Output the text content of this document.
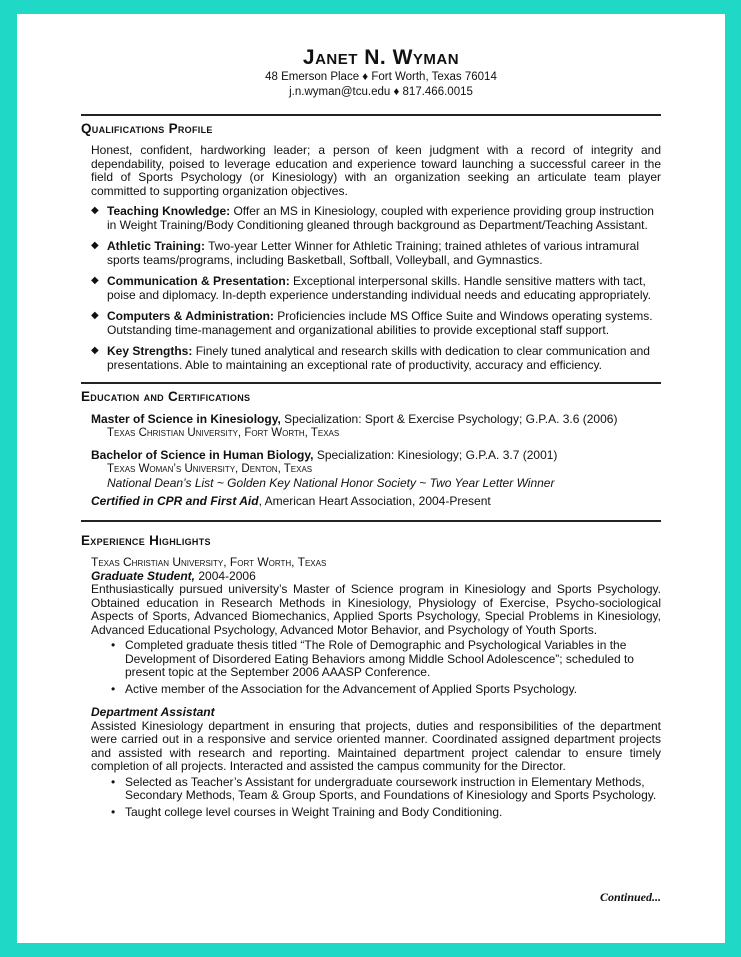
Janet N. Wyman
48 Emerson Place ♦ Fort Worth, Texas 76014
j.n.wyman@tcu.edu ♦ 817.466.0015
Qualifications Profile

Honest, confident, hardworking leader; a person of keen judgment with a record of integrity and dependability, poised to leverage education and experience toward launching a successful career in the field of Sports Psychology (or Kinesiology) with an organization seeking an articulate team player committed to supporting organization objectives.

◆ Teaching Knowledge: Offer an MS in Kinesiology, coupled with experience providing group instruction in Weight Training/Body Conditioning gleaned through background as Department/Teaching Assistant.
◆ Athletic Training: Two-year Letter Winner for Athletic Training; trained athletes of various intramural sports teams/programs, including Basketball, Softball, Volleyball, and Gymnastics.
◆ Communication & Presentation: Exceptional interpersonal skills. Handle sensitive matters with tact, poise and diplomacy. In-depth experience understanding individual needs and educating appropriately.
◆ Computers & Administration: Proficiencies include MS Office Suite and Windows operating systems. Outstanding time-management and organizational abilities to provide exceptional staff support.
◆ Key Strengths: Finely tuned analytical and research skills with dedication to clear communication and presentations. Able to maintaining an exceptional rate of productivity, accuracy and efficiency.
Education and Certifications
Master of Science in Kinesiology, Specialization: Sport & Exercise Psychology; G.P.A. 3.6 (2006)
Texas Christian University, Fort Worth, Texas
Bachelor of Science in Human Biology, Specialization: Kinesiology; G.P.A. 3.7 (2001)
Texas Woman’s University, Denton, Texas
National Dean’s List ~ Golden Key National Honor Society ~ Two Year Letter Winner
Certified in CPR and First Aid, American Heart Association, 2004-Present
Experience Highlights
Texas Christian University, Fort Worth, Texas
Graduate Student, 2004-2006
Enthusiastically pursued university’s Master of Science program in Kinesiology and Sports Psychology. Obtained education in Research Methods in Kinesiology, Physiology of Exercise, Psycho-sociological Aspects of Sports, Advanced Biomechanics, Applied Sports Psychology, Special Problems in Kinesiology, Advanced Educational Psychology, Advanced Motor Behavior, and Psychology of Youth Sports.
• Completed graduate thesis titled “The Role of Demographic and Psychological Variables in the Development of Disordered Eating Behaviors among Middle School Adolescence”; scheduled to present topic at the September 2006 AAASP Conference.
• Active member of the Association for the Advancement of Applied Sports Psychology.
Department Assistant
Assisted Kinesiology department in ensuring that projects, duties and responsibilities of the department were carried out in a responsive and service oriented manner. Coordinated assigned department projects and assisted with research and reporting. Maintained department project calendar to ensure timely completion of all projects. Interacted and assisted the campus community for the Director.
• Selected as Teacher’s Assistant for undergraduate coursework instruction in Elementary Methods, Secondary Methods, Team & Group Sports, and Foundations of Kinesiology and Sports Psychology.
• Taught college level courses in Weight Training and Body Conditioning.
Continued...
